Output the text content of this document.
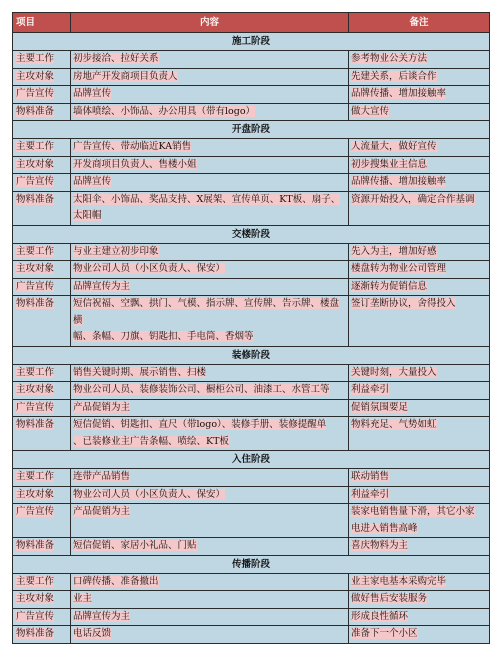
项目	内容	备注
施工阶段		
主要工作	初步接洽、拉好关系	参考物业公关方法

主攻对象	房地产开发商项目负责人	先建关系，后谈合作

广告宣传	品牌宣传	品牌传播、增加接触率

物料准备	墙体喷绘、小饰品、办公用具（带有logo）	做大宣传

开盘阶段		
主要工作	广告宣传、带动临近KA销售	人流量大，做好宣传

主攻对象	开发商项目负责人、售楼小姐	初步搜集业主信息

广告宣传	品牌宣传	品牌传播、增加接触率

物料准备	太阳伞、小饰品、奖品支持、X展架、宣传单页、KT板、扇子、
太阳帽	资源开始投入，确定合作基调

交楼阶段		
主要工作	与业主建立初步印象	先入为主，增加好感

主攻对象	物业公司人员（小区负责人、保安）	楼盘转为物业公司管理

广告宣传	品牌宣传为主	逐渐转为促销信息

物料准备	短信祝福、空飘、拱门、气模、指示牌、宣传牌、告示牌、楼盘横
幅、条幅、刀旗、钥匙扣、手电筒、香烟等	签订垄断协议，舍得投入

装修阶段		
主要工作	销售关键时期、展示销售、扫楼	关键时刻，大量投入

主攻对象	物业公司人员、装修装饰公司、橱柜公司、油漆工、水管工等	利益牵引

广告宣传	产品促销为主	促销氛围要足

物料准备	短信促销、钥匙扣、直尺（带logo）、装修手册、装修提醒单
、已装修业主广告条幅、喷绘、KT板	物料充足、气势如虹

入住阶段		
主要工作	连带产品销售	联动销售

主攻对象	物业公司人员（小区负责人、保安）	利益牵引

广告宣传	产品促销为主	装家电销售量下滑，其它小家
电进入销售高峰

物料准备	短信促销、家居小礼品、门贴	喜庆物料为主

传播阶段		
主要工作	口碑传播、准备撤出	业主家电基本采购完毕

主攻对象	业主	做好售后安装服务

广告宣传	品牌宣传为主	形成良性循环

物料准备	电话反馈	准备下一个小区
